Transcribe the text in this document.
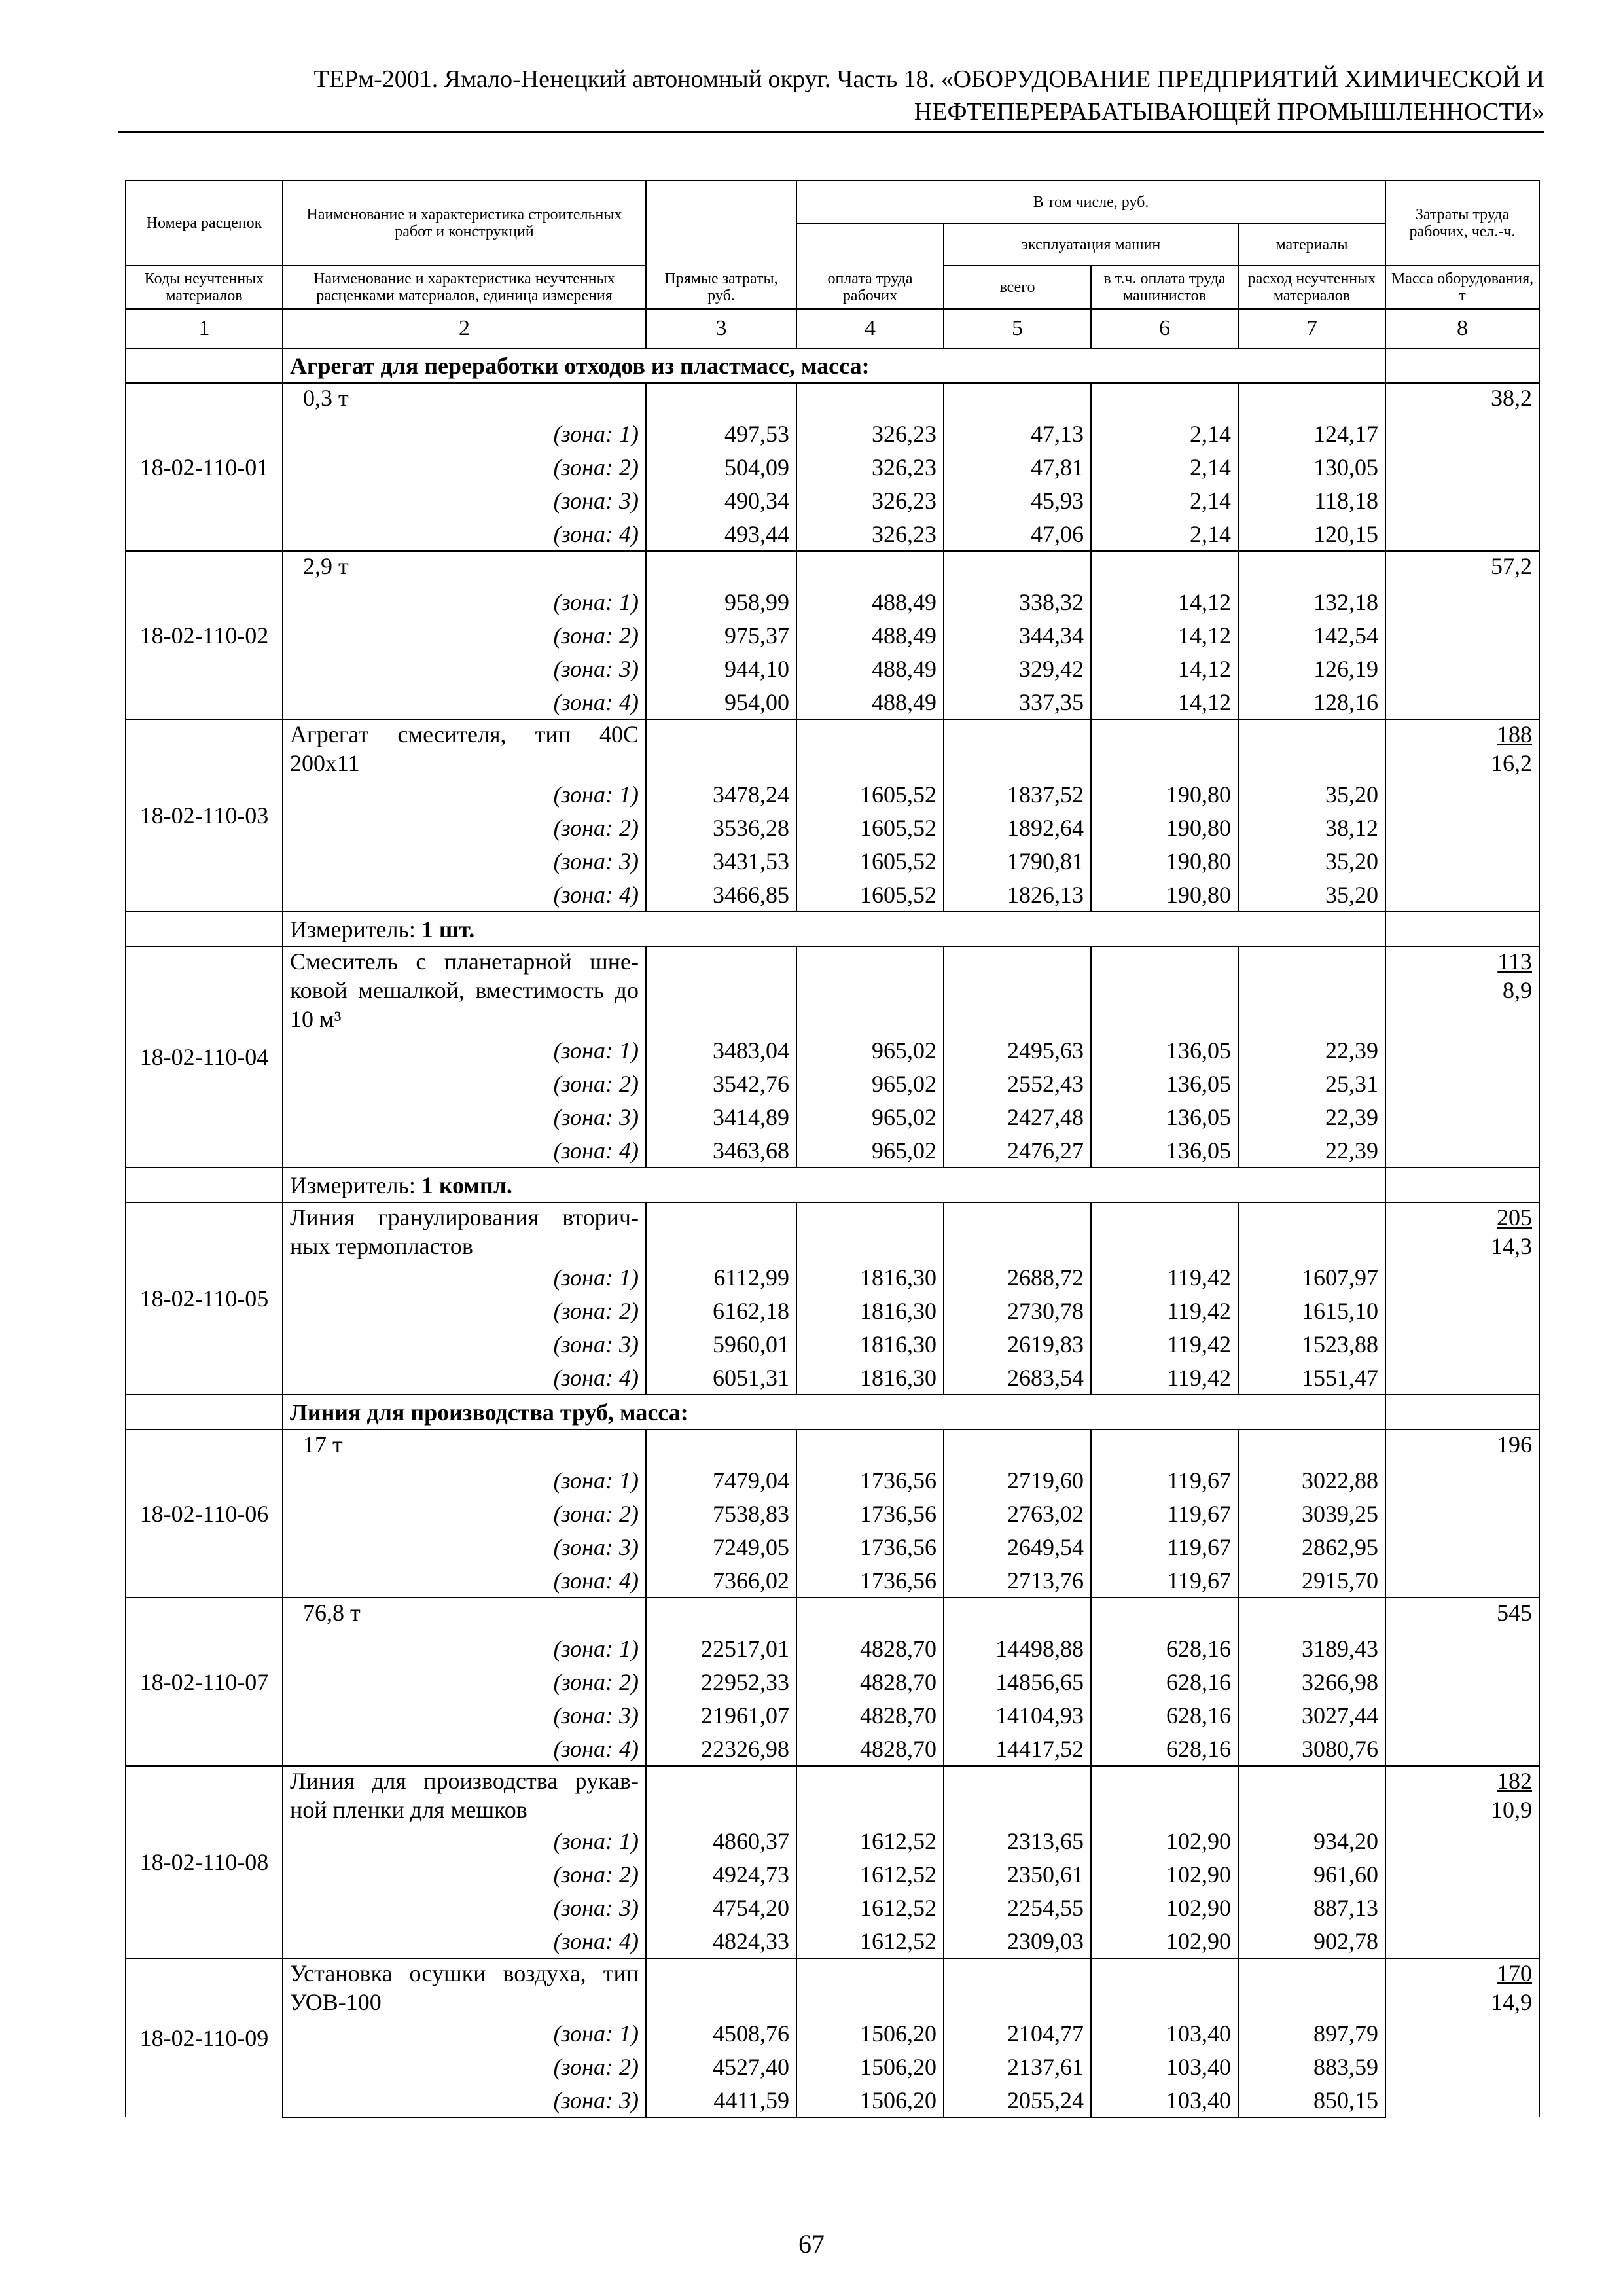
ТЕРм-2001. Ямало-Ненецкий автономный округ. Часть 18. «ОБОРУДОВАНИЕ ПРЕДПРИЯТИЙ ХИМИЧЕСКОЙ И
НЕФТЕПЕРЕРАБАТЫВАЮЩЕЙ ПРОМЫШЛЕННОСТИ»
Номера расценок	Наименование и характеристика строительных работ и конструкций		В том числе, руб.				Затраты труда рабочих, чел.-ч.
				эксплуатация машин		материалы	

Коды неучтенных материалов	Наименование и характеристика неучтенных расценками материалов, единица измерения	Прямые затраты, руб.	оплата труда рабочих	всего	в т.ч. оплата труда машинистов	расход неучтенных материалов	Масса оборудования, т
1	2	3	4	5	6	7	8
	Агрегат для переработки отходов из пластмасс, масса:						
18-02-110-01	0,3 т						38,2

	(зона: 1)	497,53	326,23	47,13	2,14	124,17	
	(зона: 2)	504,09	326,23	47,81	2,14	130,05	
	(зона: 3)	490,34	326,23	45,93	2,14	118,18	
	(зона: 4)	493,44	326,23	47,06	2,14	120,15	
18-02-110-02	2,9 т						57,2

	(зона: 1)	958,99	488,49	338,32	14,12	132,18	
	(зона: 2)	975,37	488,49	344,34	14,12	142,54	
	(зона: 3)	944,10	488,49	329,42	14,12	126,19	
	(зона: 4)	954,00	488,49	337,35	14,12	128,16	
18-02-110-03	Агрегат смесителя, тип 40С 200х11						$\frac{188}{16,2}$

	(зона: 1)	3478,24	1605,52	1837,52	190,80	35,20	
	(зона: 2)	3536,28	1605,52	1892,64	190,80	38,12	
	(зона: 3)	3431,53	1605,52	1790,81	190,80	35,20	
	(зона: 4)	3466,85	1605,52	1826,13	190,80	35,20	
	Измеритель: 1 шт.						
18-02-110-04	Смеситель с планетарной шне-ковой мешалкой, вместимость до 10 м³						$\frac{113}{8,9}$

	(зона: 1)	3483,04	965,02	2495,63	136,05	22,39	
	(зона: 2)	3542,76	965,02	2552,43	136,05	25,31	
	(зона: 3)	3414,89	965,02	2427,48	136,05	22,39	
	(зона: 4)	3463,68	965,02	2476,27	136,05	22,39	
	Измеритель: 1 компл.						
18-02-110-05	Линия гранулирования вторич-ных термопластов						$\frac{205}{14,3}$

	(зона: 1)	6112,99	1816,30	2688,72	119,42	1607,97	
	(зона: 2)	6162,18	1816,30	2730,78	119,42	1615,10	
	(зона: 3)	5960,01	1816,30	2619,83	119,42	1523,88	
	(зона: 4)	6051,31	1816,30	2683,54	119,42	1551,47	
	Линия для производства труб, масса:						
18-02-110-06	17 т						196

	(зона: 1)	7479,04	1736,56	2719,60	119,67	3022,88	
	(зона: 2)	7538,83	1736,56	2763,02	119,67	3039,25	
	(зона: 3)	7249,05	1736,56	2649,54	119,67	2862,95	
	(зона: 4)	7366,02	1736,56	2713,76	119,67	2915,70	
18-02-110-07	76,8 т						545

	(зона: 1)	22517,01	4828,70	14498,88	628,16	3189,43	
	(зона: 2)	22952,33	4828,70	14856,65	628,16	3266,98	
	(зона: 3)	21961,07	4828,70	14104,93	628,16	3027,44	
	(зона: 4)	22326,98	4828,70	14417,52	628,16	3080,76	
18-02-110-08	Линия для производства рукав-ной пленки для мешков						$\frac{182}{10,9}$

	(зона: 1)	4860,37	1612,52	2313,65	102,90	934,20	
	(зона: 2)	4924,73	1612,52	2350,61	102,90	961,60	
	(зона: 3)	4754,20	1612,52	2254,55	102,90	887,13	
	(зона: 4)	4824,33	1612,52	2309,03	102,90	902,78	
18-02-110-09	Установка осушки воздуха, тип УОВ-100						$\frac{170}{14,9}$

	(зона: 1)	4508,76	1506,20	2104,77	103,40	897,79	
	(зона: 2)	4527,40	1506,20	2137,61	103,40	883,59	
	(зона: 3)	4411,59	1506,20	2055,24	103,40	850,15	
67
